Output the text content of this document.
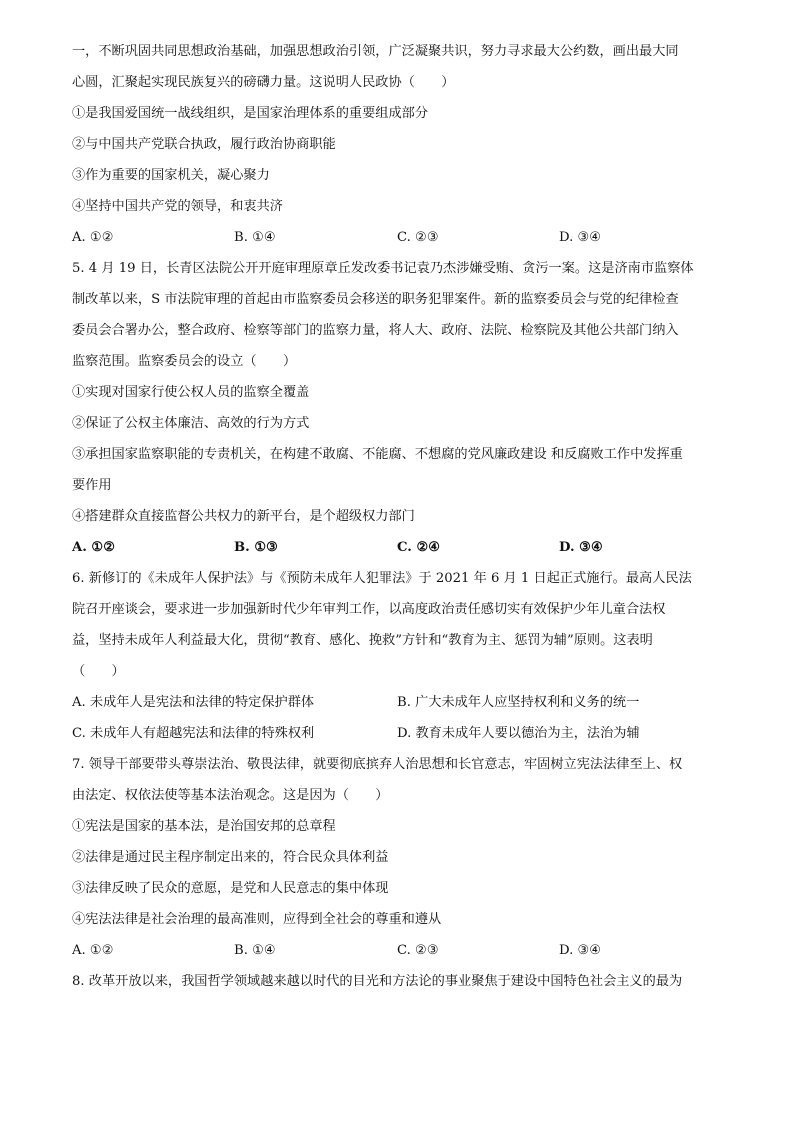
一，不断巩固共同思想政治基础，加强思想政治引领，广泛凝聚共识，努力寻求最大公约数，画出最大同
心圆，汇聚起实现民族复兴的磅礴力量。这说明人民政协（　　）
①是我国爱国统一战线组织，是国家治理体系的重要组成部分
②与中国共产党联合执政，履行政治协商职能
③作为重要的国家机关，凝心聚力
④坚持中国共产党的领导，和衷共济
A. ①②	B. ①④	C. ②③	D. ③④
5. 4 月 19 日，长青区法院公开开庭审理原章丘发改委书记袁乃杰涉嫌受贿、贪污一案。这是济南市监察体
制改革以来，S 市法院审理的首起由市监察委员会移送的职务犯罪案件。新的监察委员会与党的纪律检查
委员会合署办公，整合政府、检察等部门的监察力量，将人大、政府、法院、检察院及其他公共部门纳入
监察范围。监察委员会的设立（　　）
①实现对国家行使公权人员的监察全覆盖
②保证了公权主体廉洁、高效的行为方式
③承担国家监察职能的专责机关，在构建不敢腐、不能腐、不想腐的党风廉政建设 和反腐败工作中发挥重
要作用
④搭建群众直接监督公共权力的新平台，是个超级权力部门
A. ①②	B. ①③	C. ②④	D. ③④
6. 新修订的《未成年人保护法》与《预防未成年人犯罪法》于 2021 年 6 月 1 日起正式施行。最高人民法
院召开座谈会，要求进一步加强新时代少年审判工作，以高度政治责任感切实有效保护少年儿童合法权
益，坚持未成年人利益最大化，贯彻“教育、感化、挽救”方针和“教育为主、惩罚为辅”原则。这表明
（　　）
A. 未成年人是宪法和法律的特定保护群体	B. 广大未成年人应坚持权利和义务的统一
C. 未成年人有超越宪法和法律的特殊权利	D. 教育未成年人要以德治为主，法治为辅
7. 领导干部要带头尊崇法治、敬畏法律，就要彻底摈弃人治思想和长官意志，牢固树立宪法法律至上、权
由法定、权依法使等基本法治观念。这是因为（　　）
①宪法是国家的基本法，是治国安邦的总章程
②法律是通过民主程序制定出来的，符合民众具体利益
③法律反映了民众的意愿，是党和人民意志的集中体现
④宪法法律是社会治理的最高准则，应得到全社会的尊重和遵从
A. ①②	B. ①④	C. ②③	D. ③④
8. 改革开放以来，我国哲学领域越来越以时代的目光和方法论的事业聚焦于建设中国特色社会主义的最为
